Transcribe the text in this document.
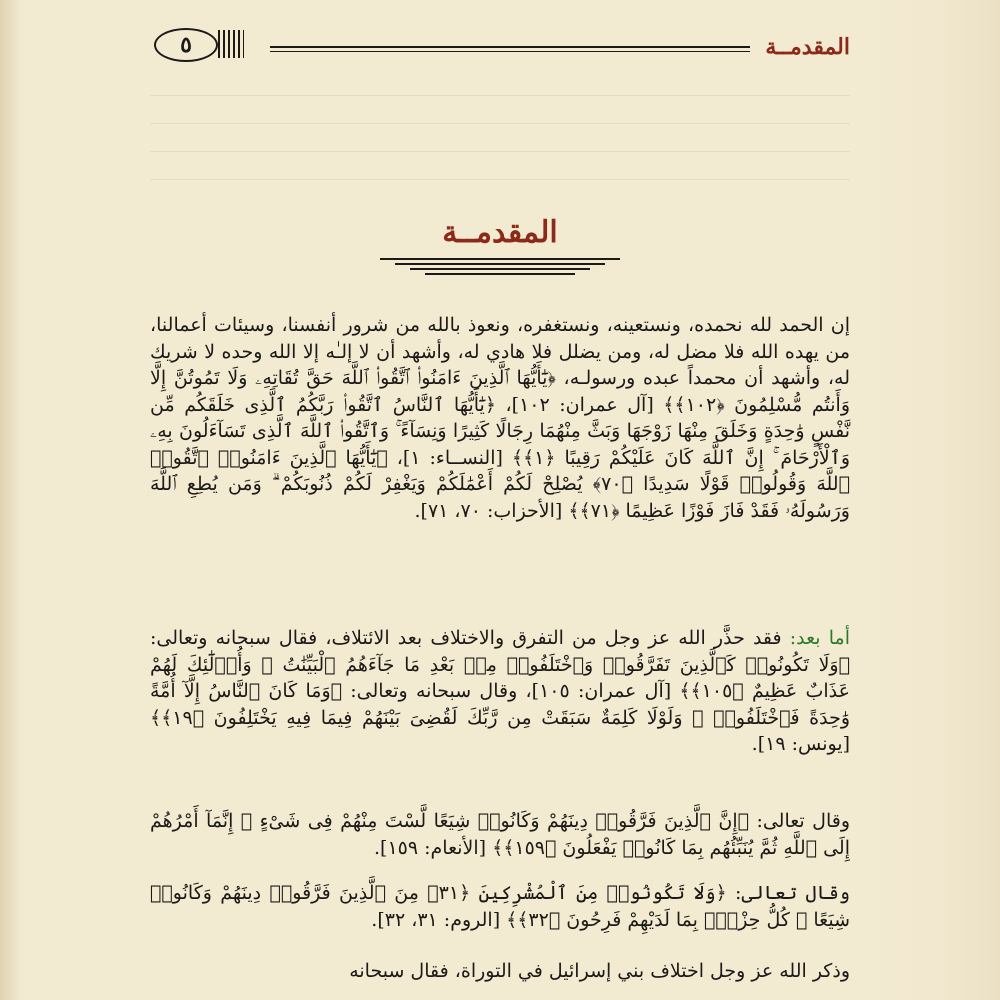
المقدمــة
٥
المقدمــة

إن الحمد لله نحمده، ونستعينه، ونستغفره، ونعوذ بالله من شرور أنفسنا، وسيئات أعمالنا، من يهده الله فلا مضل له، ومن يضلل فلا هادي له، وأشهد أن لا إلـٰه إلا الله وحده لا شريك له، وأشهد أن محمداً عبده ورسولـه، ﴿يَٰٓأَيُّهَا ٱلَّذِينَ ءَامَنُوا۟ ٱتَّقُوا۟ ٱللَّهَ حَقَّ تُقَاتِهِۦ وَلَا تَمُوتُنَّ إِلَّا وَأَنتُم مُّسْلِمُونَ ﴿١٠٢﴾﴾ [آل عمران: ١٠٢]، ﴿يَٰٓأَيُّهَا ٱلنَّاسُ ٱتَّقُوا۟ رَبَّكُمُ ٱلَّذِى خَلَقَكُم مِّن نَّفْسٍ وَٰحِدَةٍ وَخَلَقَ مِنْهَا زَوْجَهَا وَبَثَّ مِنْهُمَا رِجَالًا كَثِيرًا وَنِسَآءً ۚ وَٱتَّقُوا۟ ٱللَّهَ ٱلَّذِى تَسَآءَلُونَ بِهِۦ وَٱلْأَرْحَامَ ۚ إِنَّ ٱللَّهَ كَانَ عَلَيْكُمْ رَقِيبًا ﴿١﴾﴾ [النســاء: ١]، ﴿يَٰٓأَيُّهَا ٱلَّذِينَ ءَامَنُوا۟ ٱتَّقُوا۟ ٱللَّهَ وَقُولُوا۟ قَوْلًا سَدِيدًا ﴿٧٠﴾ يُصْلِحْ لَكُمْ أَعْمَٰلَكُمْ وَيَغْفِرْ لَكُمْ ذُنُوبَكُمْ ۗ وَمَن يُطِعِ ٱللَّهَ وَرَسُولَهُۥ فَقَدْ فَازَ فَوْزًا عَظِيمًا ﴿٧١﴾﴾ [الأحزاب: ٧٠، ٧١].

أما بعد: فقد حذَّر الله عز وجل من التفرق والاختلاف بعد الائتلاف، فقال سبحانه وتعالى: ﴿وَلَا تَكُونُوا۟ كَٱلَّذِينَ تَفَرَّقُوا۟ وَٱخْتَلَفُوا۟ مِنۢ بَعْدِ مَا جَآءَهُمُ ٱلْبَيِّنَٰتُ ۚ وَأُو۟لَٰٓئِكَ لَهُمْ عَذَابٌ عَظِيمٌ ﴿١٠٥﴾﴾ [آل عمران: ١٠٥]، وقال سبحانه وتعالى: ﴿وَمَا كَانَ ٱلنَّاسُ إِلَّآ أُمَّةً وَٰحِدَةً فَٱخْتَلَفُوا۟ ۚ وَلَوْلَا كَلِمَةٌ سَبَقَتْ مِن رَّبِّكَ لَقُضِىَ بَيْنَهُمْ فِيمَا فِيهِ يَخْتَلِفُونَ ﴿١٩﴾﴾ [يونس: ١٩].

وقال تعالى: ﴿إِنَّ ٱلَّذِينَ فَرَّقُوا۟ دِينَهُمْ وَكَانُوا۟ شِيَعًا لَّسْتَ مِنْهُمْ فِى شَىْءٍ ۚ إِنَّمَآ أَمْرُهُمْ إِلَى ٱللَّهِ ثُمَّ يُنَبِّئُهُم بِمَا كَانُوا۟ يَفْعَلُونَ ﴿١٥٩﴾﴾ [الأنعام: ١٥٩].

وقال تعالى: ﴿وَلَا تَكُونُوا۟ مِنَ ٱلْمُشْرِكِينَ ﴿٣١﴾ مِنَ ٱلَّذِينَ فَرَّقُوا۟ دِينَهُمْ وَكَانُوا۟ شِيَعًا ۖ كُلُّ حِزْبٍۭ بِمَا لَدَيْهِمْ فَرِحُونَ ﴿٣٢﴾﴾ [الروم: ٣١، ٣٢].

وذكر الله عز وجل اختلاف بني إسرائيل في التوراة، فقال سبحانه
